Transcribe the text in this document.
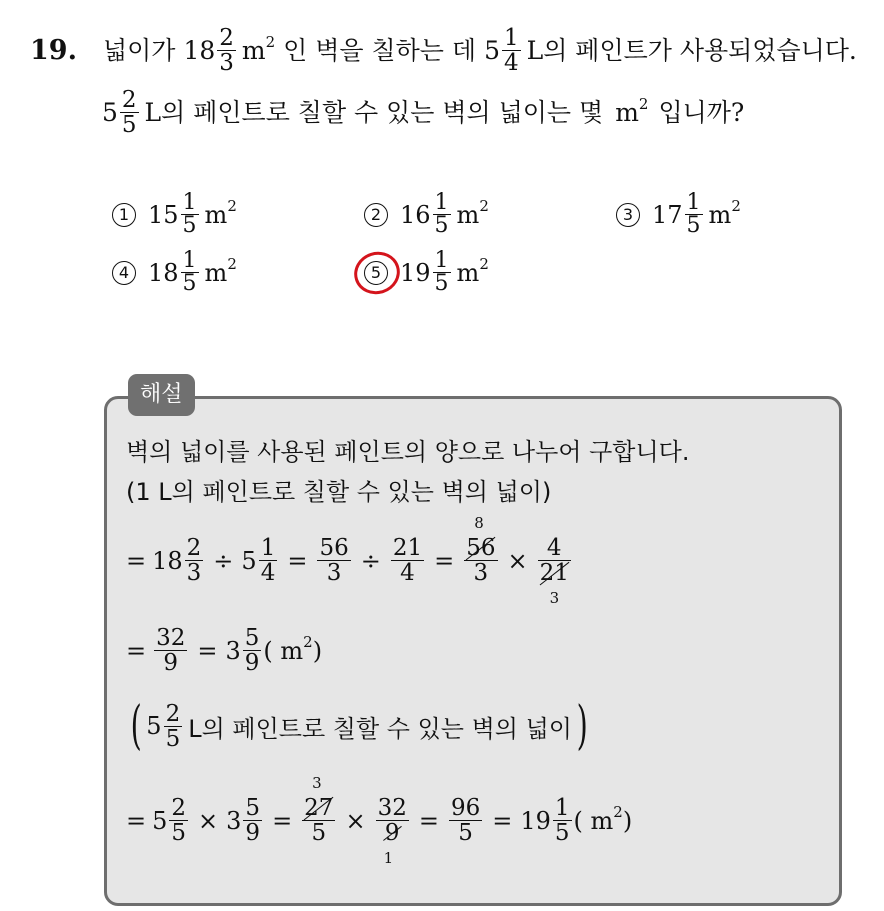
19. 넓이가 $18 \frac{2}{3}$ m 2 인 벽을 칠하는 데 $5 \frac{1}{4}$ L의 페인트가 사용되었습니다.
$5 \frac{2}{5}$ L의 페인트로 칠할 수 있는 벽의 넓이는 몇 m 2 입니까?
1 $15 \frac{1}{5}$ m 2	2 $16 \frac{1}{5}$ m 2	3 $17 \frac{1}{5}$ m 2
4 $18 \frac{1}{5}$ m 2	5 $19 \frac{1}{5}$ m 2
해설
벽의 넓이를 사용된 페인트의 양으로 나누어 구합니다.
(1 L의 페인트로 칠할 수 있는 벽의 넓이)
= $18 \frac{2}{3} \div 5 \frac{1}{4} = \frac{56}{3} \div \frac{21}{4}$ =
8
56
3 × 4
21
3
= $\frac{32}{9} = 3 \frac{5}{9}$ ( m 2 )
( $5 \frac{2}{5}$ L의 페인트로 칠할 수 있는 벽의 넓이 )
= $5 \frac{2}{5} \times 3 \frac{5}{9}$ =
3
27
5 × 32
9
1
= $\frac{96}{5} = 19 \frac{1}{5}$ ( m 2 )
